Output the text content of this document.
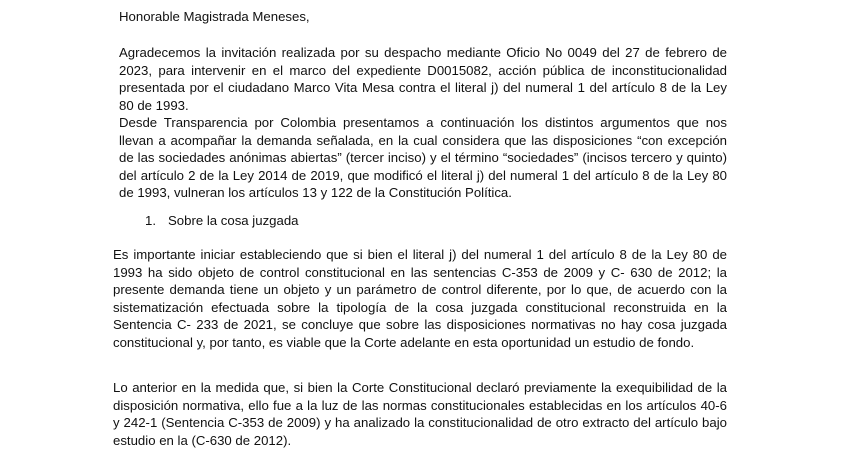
Honorable Magistrada Meneses,

Agradecemos la invitación realizada por su despacho mediante Oficio No 0049 del 27 de febrero de 2023, para intervenir en el marco del expediente D0015082, acción pública de inconstitucionalidad presentada por el ciudadano Marco Vita Mesa contra el literal j) del numeral 1 del artículo 8 de la Ley 80 de 1993.

Desde Transparencia por Colombia presentamos a continuación los distintos argumentos que nos llevan a acompañar la demanda señalada, en la cual considera que las disposiciones “con excepción de las sociedades anónimas abiertas” (tercer inciso) y el término “sociedades” (incisos tercero y quinto) del artículo 2 de la Ley 2014 de 2019, que modificó el literal j) del numeral 1 del artículo 8 de la Ley 80 de 1993, vulneran los artículos 13 y 122 de la Constitución Política.

1. Sobre la cosa juzgada

Es importante iniciar estableciendo que si bien el literal j) del numeral 1 del artículo 8 de la Ley 80 de 1993 ha sido objeto de control constitucional en las sentencias C-353 de 2009 y C- 630 de 2012; la presente demanda tiene un objeto y un parámetro de control diferente, por lo que, de acuerdo con la sistematización efectuada sobre la tipología de la cosa juzgada constitucional reconstruida en la Sentencia C- 233 de 2021, se concluye que sobre las disposiciones normativas no hay cosa juzgada constitucional y, por tanto, es viable que la Corte adelante en esta oportunidad un estudio de fondo.

Lo anterior en la medida que, si bien la Corte Constitucional declaró previamente la exequibilidad de la disposición normativa, ello fue a la luz de las normas constitucionales establecidas en los artículos 40-6 y 242-1 (Sentencia C-353 de 2009) y ha analizado la constitucionalidad de otro extracto del artículo bajo estudio en la (C-630 de 2012).
